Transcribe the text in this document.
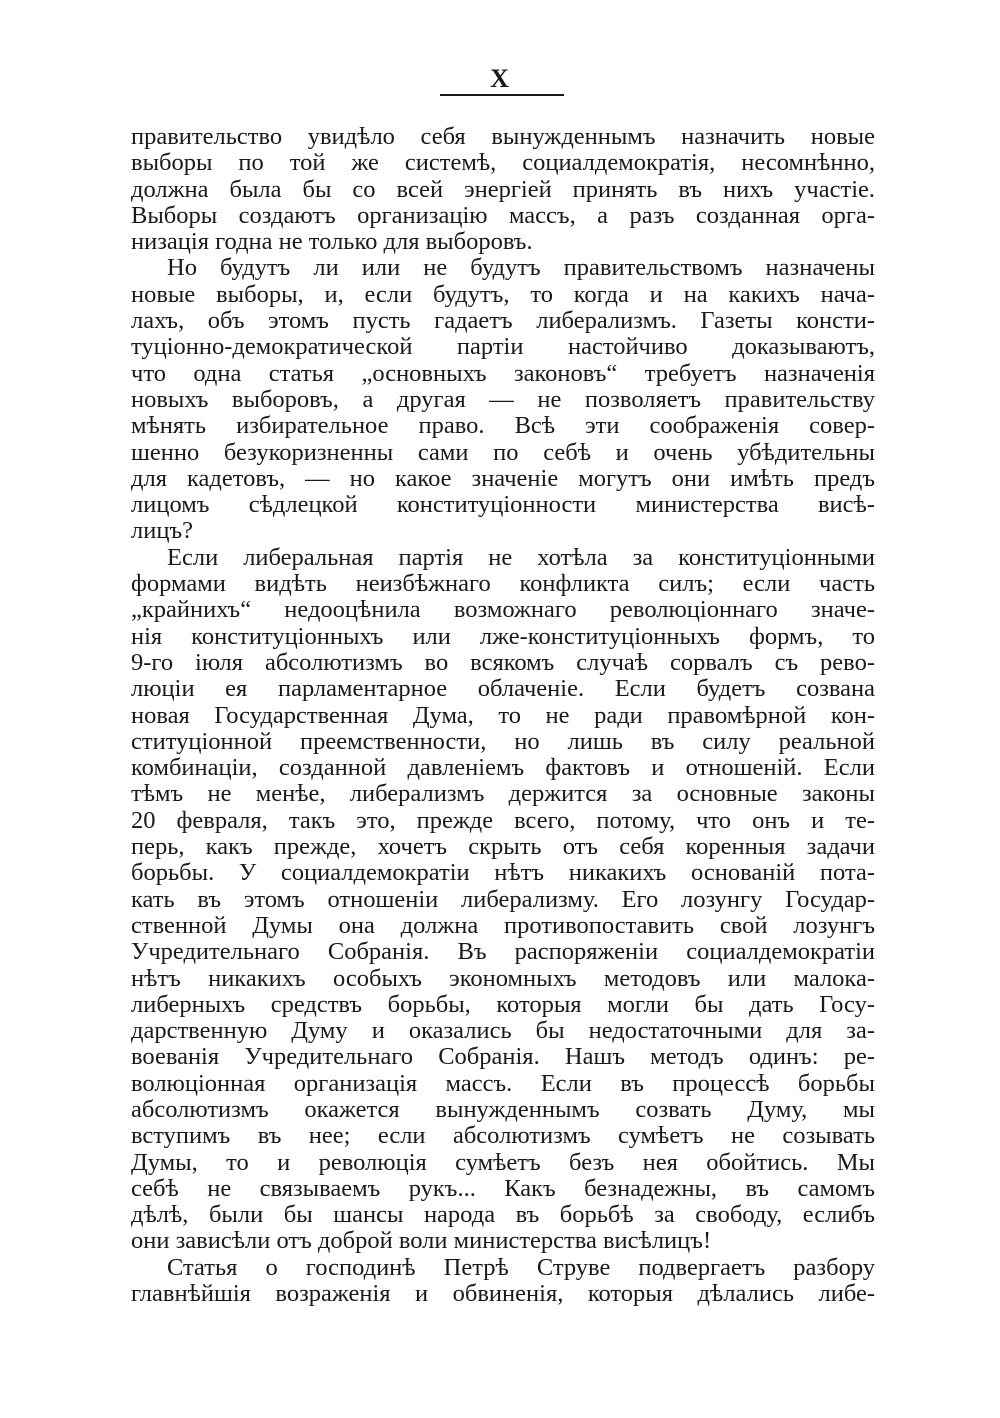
X
правительство увидѣло себя вынужденнымъ назначить новые
выборы по той же системѣ, социалдемократія, несомнѣнно,
должна была бы со всей энергіей принять въ нихъ участіе.
Выборы создаютъ организацію массъ, а разъ созданная орга-
низація годна не только для выборовъ.
Но будутъ ли или не будутъ правительствомъ назначены
новые выборы, и, если будутъ, то когда и на какихъ нача-
лахъ, объ этомъ пусть гадаетъ либерализмъ. Газеты консти-
туціонно-демократической партіи настойчиво доказываютъ,
что одна статья „основныхъ законовъ“ требуетъ назначенія
новыхъ выборовъ, а другая — не позволяетъ правительству
мѣнять избирательное право. Всѣ эти соображенія совер-
шенно безукоризненны сами по себѣ и очень убѣдительны
для кадетовъ, — но какое значеніе могутъ они имѣть предъ
лицомъ сѣдлецкой конституціонности министерства висѣ-
лицъ?
Если либеральная партія не хотѣла за конституціонными
формами видѣть неизбѣжнаго конфликта силъ; если часть
„крайнихъ“ недооцѣнила возможнаго революціоннаго значе-
нія конституціонныхъ или лже-конституціонныхъ формъ, то
9-го іюля абсолютизмъ во всякомъ случаѣ сорвалъ съ рево-
люціи ея парламентарное облаченіе. Если будетъ созвана
новая Государственная Дума, то не ради правомѣрной кон-
ституціонной преемственности, но лишь въ силу реальной
комбинаціи, созданной давленіемъ фактовъ и отношеній. Если
тѣмъ не менѣе, либерализмъ держится за основные законы
20 февраля, такъ это, прежде всего, потому, что онъ и те-
перь, какъ прежде, хочетъ скрыть отъ себя коренныя задачи
борьбы. У социалдемократіи нѣтъ никакихъ основаній пота-
кать въ этомъ отношеніи либерализму. Его лозунгу Государ-
ственной Думы она должна противопоставить свой лозунгъ
Учредительнаго Собранія. Въ распоряженіи социалдемократіи
нѣтъ никакихъ особыхъ экономныхъ методовъ или малока-
либерныхъ средствъ борьбы, которыя могли бы дать Госу-
дарственную Думу и оказались бы недостаточными для за-
воеванія Учредительнаго Собранія. Нашъ методъ одинъ: ре-
волюціонная организація массъ. Если въ процессѣ борьбы
абсолютизмъ окажется вынужденнымъ созвать Думу, мы
вступимъ въ нее; если абсолютизмъ сумѣетъ не созывать
Думы, то и революція сумѣетъ безъ нея обойтись. Мы
себѣ не связываемъ рукъ... Какъ безнадежны, въ самомъ
дѣлѣ, были бы шансы народа въ борьбѣ за свободу, еслибъ
они зависѣли отъ доброй воли министерства висѣлицъ!
Статья о господинѣ Петрѣ Струве подвергаетъ разбору
главнѣйшія возраженія и обвиненія, которыя дѣлались либе-
